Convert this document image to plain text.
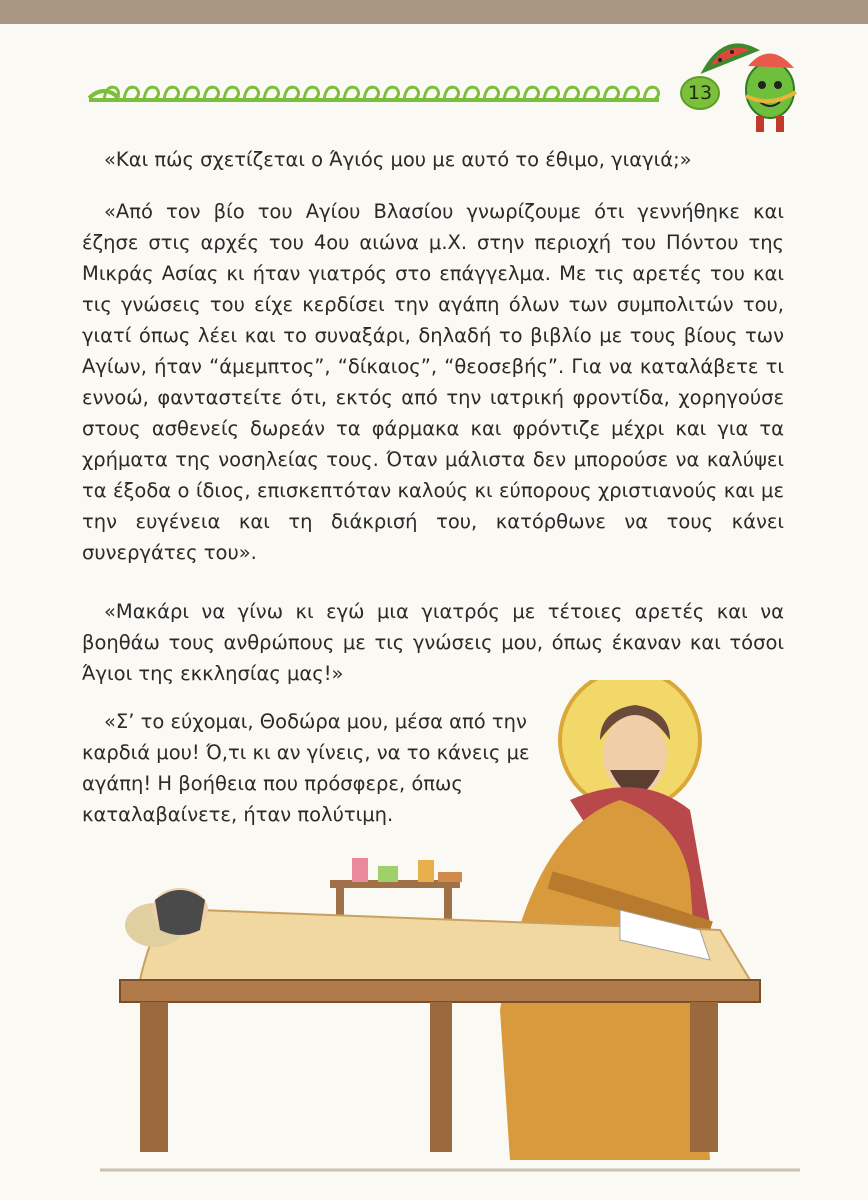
13

«Και πώς σχετίζεται ο Άγιός μου με αυτό το έθιμο, γιαγιά;»

«Από τον βίο του Αγίου Βλασίου γνωρίζουμε ότι γεννήθηκε και έζησε στις αρχές του 4ου αιώνα μ.Χ. στην περιοχή του Πόντου της Μικράς Ασίας κι ήταν γιατρός στο επάγγελμα. Με τις αρετές του και τις γνώσεις του είχε κερδίσει την αγάπη όλων των συμπολιτών του, γιατί όπως λέει και το συναξάρι, δηλαδή το βιβλίο με τους βίους των Αγίων, ήταν “άμεμπτος”, “δίκαιος”, “θεοσεβής”. Για να καταλάβετε τι εννοώ, φανταστείτε ότι, εκτός από την ιατρική φροντίδα, χορηγούσε στους ασθενείς δωρεάν τα φάρμακα και φρόντιζε μέχρι και για τα χρήματα της νοσηλείας τους. Όταν μάλιστα δεν μπορούσε να καλύψει τα έξοδα ο ίδιος, επισκεπτόταν καλούς κι εύπορους χριστιανούς και με την ευγένεια και τη διάκρισή του, κατόρθωνε να τους κάνει συνεργάτες του».

«Μακάρι να γίνω κι εγώ μια γιατρός με τέτοιες αρετές και να βοηθάω τους ανθρώπους με τις γνώσεις μου, όπως έκαναν και τόσοι Άγιοι της εκκλησίας μας!»

«Σ’ το εύχομαι, Θοδώρα μου, μέσα από την καρδιά μου! Ό,τι κι αν γίνεις, να το κάνεις με αγάπη! Η βοήθεια που πρόσφερε, όπως καταλαβαίνετε, ήταν πολύτιμη.
